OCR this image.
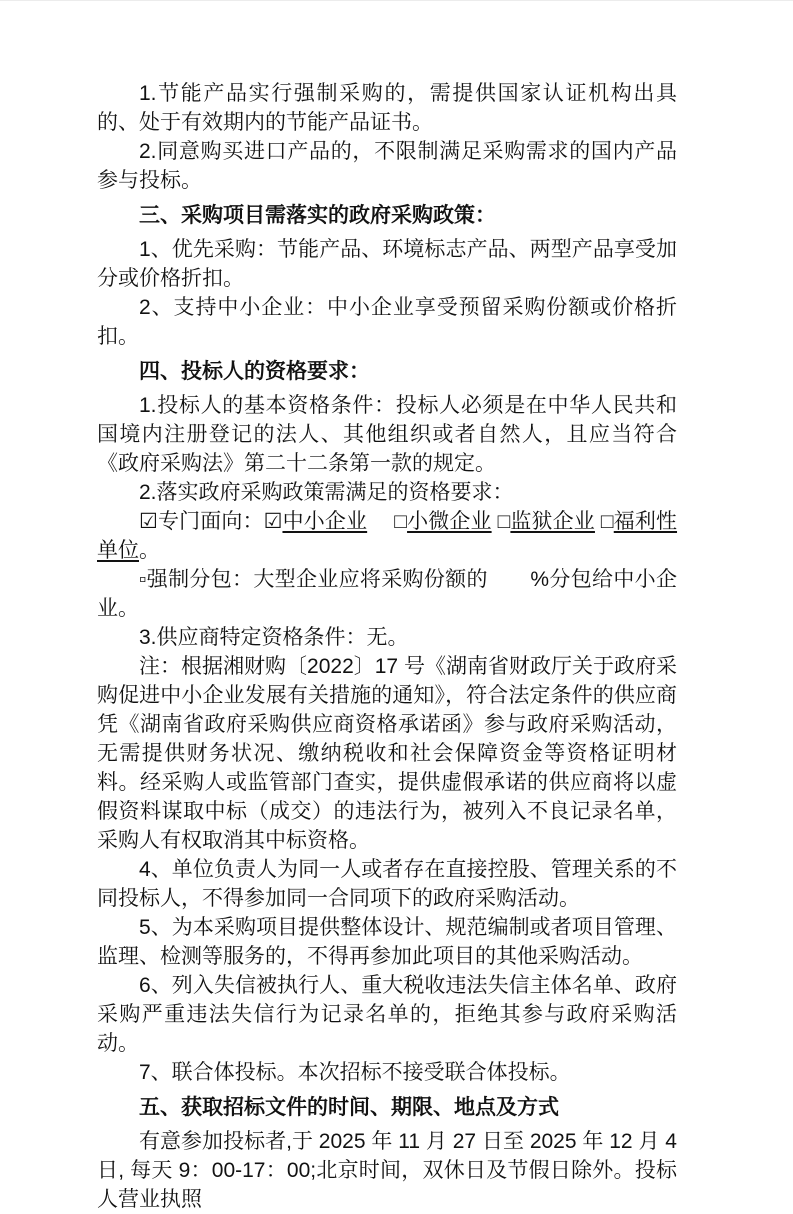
1.节能产品实行强制采购的，需提供国家认证机构出具的、处于有效期内的节能产品证书。

2.同意购买进口产品的，不限制满足采购需求的国内产品参与投标。

三、采购项目需落实的政府采购政策：

1、优先采购：节能产品、环境标志产品、两型产品享受加分或价格折扣。

2、支持中小企业：中小企业享受预留采购份额或价格折扣。

四、投标人的资格要求：

1.投标人的基本资格条件：投标人必须是在中华人民共和国境内注册登记的法人、其他组织或者自然人，且应当符合《政府采购法》第二十二条第一款的规定。

2.落实政府采购政策需满足的资格要求：

☑专门面向：☑中小企业　 □小微企业 □监狱企业 □福利性单位。

▫强制分包：大型企业应将采购份额的　　%分包给中小企业。

3.供应商特定资格条件：无。

注：根据湘财购〔2022〕17 号《湖南省财政厅关于政府采购促进中小企业发展有关措施的通知》，符合法定条件的供应商凭《湖南省政府采购供应商资格承诺函》参与政府采购活动，无需提供财务状况、缴纳税收和社会保障资金等资格证明材料。经采购人或监管部门查实，提供虚假承诺的供应商将以虚假资料谋取中标（成交）的违法行为，被列入不良记录名单，采购人有权取消其中标资格。

4、单位负责人为同一人或者存在直接控股、管理关系的不同投标人，不得参加同一合同项下的政府采购活动。

5、为本采购项目提供整体设计、规范编制或者项目管理、监理、检测等服务的，不得再参加此项目的其他采购活动。

6、列入失信被执行人、重大税收违法失信主体名单、政府采购严重违法失信行为记录名单的，拒绝其参与政府采购活动。

7、联合体投标。本次招标不接受联合体投标。

五、获取招标文件的时间、期限、地点及方式

有意参加投标者,于 2025 年 11 月 27 日至 2025 年 12 月 4 日, 每天 9：00-17：00;北京时间，双休日及节假日除外。投标人营业执照
